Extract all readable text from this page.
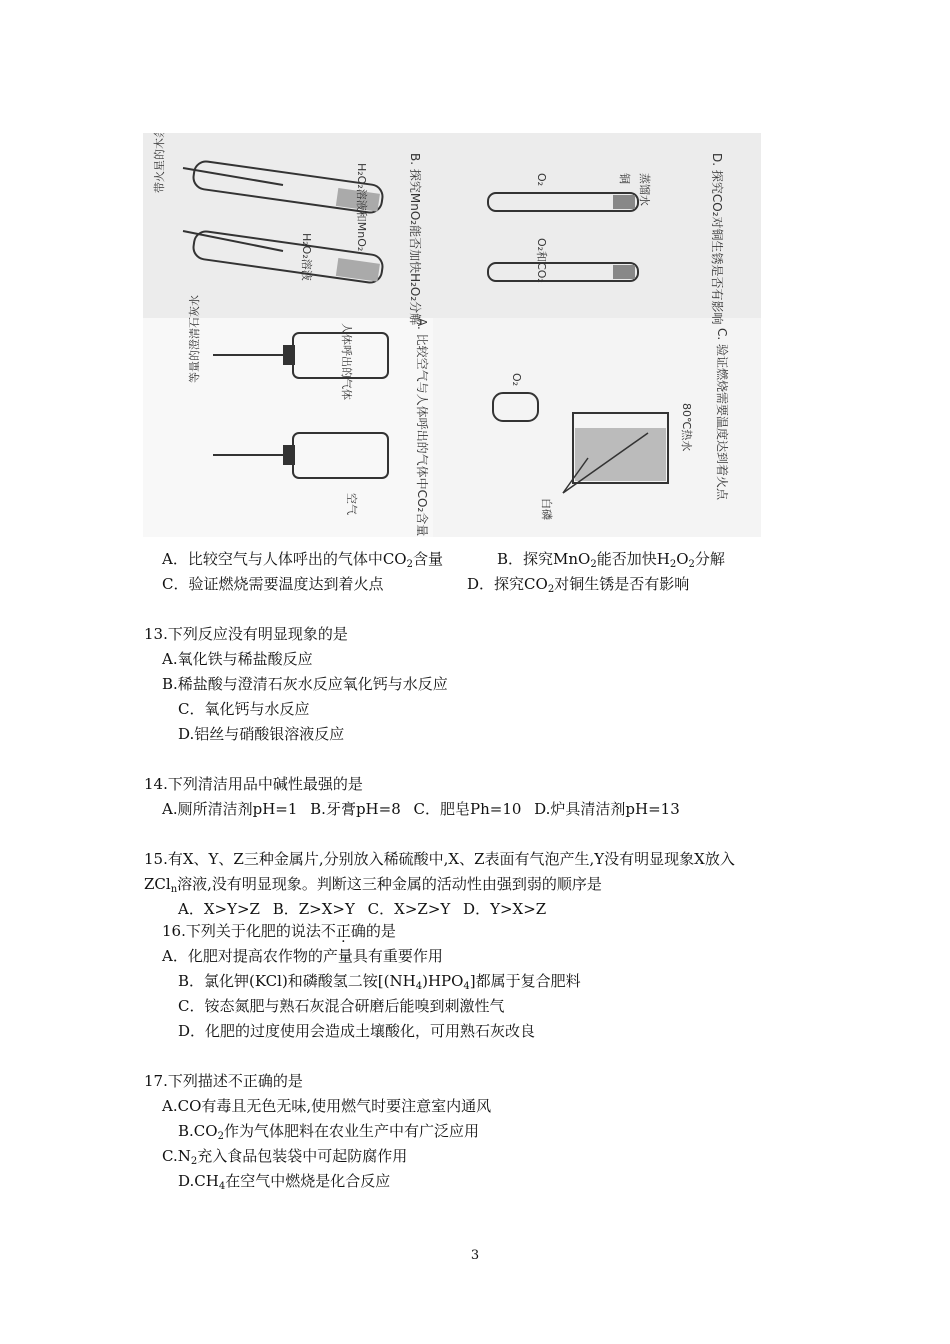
带火星的木条
H₂O₂溶液和MnO₂
H₂O₂溶液	B. 探究MnO₂能否加快H₂O₂分解	O₂
O₂和CO₂
铜 蒸馏水	D. 探究CO₂对铜生锈是否有影响
等量的澄清石灰水	人体呼出的气体
空气	A. 比较空气与人体呼出的气体中CO₂含量	O₂
80℃热水
白磷
C. 验证燃烧需要温度达到着火点
A．比较空气与人体呼出的气体中$CO_2$含量	B．探究MnO$_2$能否加快$H_2O_2$分解
C．验证燃烧需要温度达到着火点	D．探究$CO_2$对铜生锈是否有影响
13.下列反应没有明显现象的是
A.氧化铁与稀盐酸反应
B.稀盐酸与澄清石灰水反应氧化钙与水反应
C．氧化钙与水反应
D.铝丝与硝酸银溶液反应
14.下列清洁用品中碱性最强的是
A.厕所清洁剂pH=1 B.牙膏pH=8 C．肥皂Ph=10 D.炉具清洁剂pH=13
15.有X、Y、Z三种金属片,分别放入稀硫酸中,X、Z表面有气泡产生,Y没有明显现象X放入
ZCl$_n$溶液,没有明显现象。判断这三种金属的活动性由强到弱的顺序是
A．X>Y>Z B．Z>X>Y C．X>Z>Y D．Y>X>Z
16.下列关于化肥的说法不正确的是
A．化肥对提高农作物的产量具有重要作用
B．氯化钾(KCl)和磷酸氢二铵$[(NH_4)HPO_4]$都属于复合肥料
C．铵态氮肥与熟石灰混合研磨后能嗅到刺激性气
D．化肥的过度使用会造成土壤酸化，可用熟石灰改良
17.下列描述不正确的是
A.CO有毒且无色无味,使用燃气时要注意室内通风
$B.CO_2$作为气体肥料在农业生产中有广泛应用
$C.N_2$充入食品包装袋中可起防腐作用
$D.CH_4$在空气中燃烧是化合反应
3
